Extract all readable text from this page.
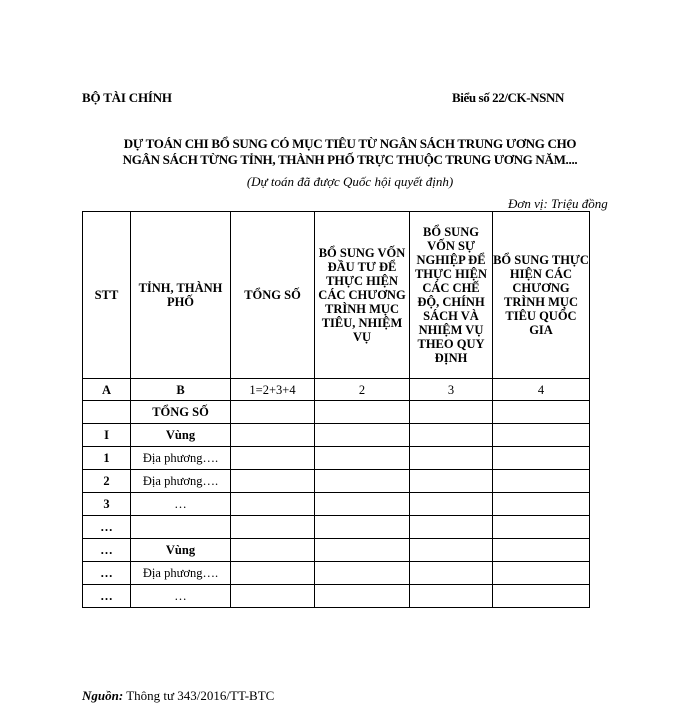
BỘ TÀI CHÍNH	Biểu số 22/CK-NSNN
DỰ TOÁN CHI BỔ SUNG CÓ MỤC TIÊU TỪ NGÂN SÁCH TRUNG ƯƠNG CHO
NGÂN SÁCH TỪNG TỈNH, THÀNH PHỐ TRỰC THUỘC TRUNG ƯƠNG NĂM....
(Dự toán đã được Quốc hội quyết định)
Đơn vị: Triệu đồng
STT	TỈNH, THÀNH PHỐ	TỔNG SỐ	BỔ SUNG VỐN ĐẦU TƯ ĐỂ THỰC HIỆN CÁC CHƯƠNG TRÌNH MỤC TIÊU, NHIỆM VỤ	BỔ SUNG VỐN SỰ NGHIỆP ĐỂ THỰC HIỆN CÁC CHẾ ĐỘ, CHÍNH SÁCH VÀ NHIỆM VỤ THEO QUY ĐỊNH	BỔ SUNG THỰC HIỆN CÁC CHƯƠNG TRÌNH MỤC TIÊU QUỐC GIA
A	B	1=2+3+4	2	3	4
	TỔNG SỐ				
I	Vùng				
1	Địa phương….				
2	Địa phương….				
3	…				
…					
…	Vùng				
…	Địa phương….				
…	…				
Nguồn: Thông tư 343/2016/TT-BTC
